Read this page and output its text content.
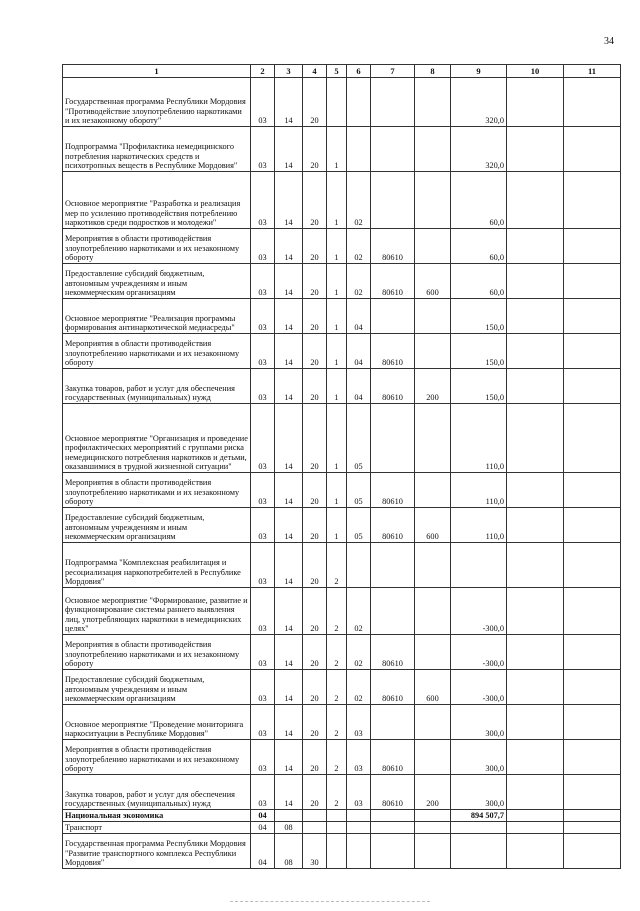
34
1	2	3	4	5	6	7	8	9	10	11
Государственная программа Республики Мордовия "Противодействие злоупотреблению наркотиками и их незаконному обороту"	03	14	20					320,0		
Подпрограмма "Профилактика немедицинского потребления наркотических средств и психотропных веществ в Республике Мордовия"	03	14	20	1				320,0		
Основное мероприятие "Разработка и реализация мер по усилению противодействия потреблению наркотиков среди подростков и молодежи"	03	14	20	1	02			60,0		
Мероприятия в области противодействия злоупотреблению наркотиками и их незаконному обороту	03	14	20	1	02	80610		60,0		
Предоставление субсидий бюджетным, автономным учреждениям и иным некоммерческим организациям	03	14	20	1	02	80610	600	60,0		
Основное мероприятие "Реализация программы формирования антинаркотической медиасреды"	03	14	20	1	04			150,0		
Мероприятия в области противодействия злоупотреблению наркотиками и их незаконному обороту	03	14	20	1	04	80610		150,0		
Закупка товаров, работ и услуг для обеспечения государственных (муниципальных) нужд	03	14	20	1	04	80610	200	150,0		
Основное мероприятие "Организация и проведение профилактических мероприятий с группами риска немедицинского потребления наркотиков и детьми, оказавшимися в трудной жизненной ситуации"	03	14	20	1	05			110,0		
Мероприятия в области противодействия злоупотреблению наркотиками и их незаконному обороту	03	14	20	1	05	80610		110,0		
Предоставление субсидий бюджетным, автономным учреждениям и иным некоммерческим организациям	03	14	20	1	05	80610	600	110,0		
Подпрограмма "Комплексная реабилитация и ресоциализация наркопотребителей в Республике Мордовия"	03	14	20	2						
Основное мероприятие "Формирование, развитие и функционирование системы раннего выявления лиц, употребляющих наркотики в немедицинских целях"	03	14	20	2	02			-300,0		
Мероприятия в области противодействия злоупотреблению наркотиками и их незаконному обороту	03	14	20	2	02	80610		-300,0		
Предоставление субсидий бюджетным, автономным учреждениям и иным некоммерческим организациям	03	14	20	2	02	80610	600	-300,0		
Основное мероприятие "Проведение мониторинга наркоситуации в Республике Мордовия"	03	14	20	2	03			300,0		
Мероприятия в области противодействия злоупотреблению наркотиками и их незаконному обороту	03	14	20	2	03	80610		300,0		
Закупка товаров, работ и услуг для обеспечения государственных (муниципальных) нужд	03	14	20	2	03	80610	200	300,0		
Национальная экономика	04							894 507,7		
Транспорт	04	08								
Государственная программа Республики Мордовия "Развитие транспортного комплекса Республики Мордовия"	04	08	30							
